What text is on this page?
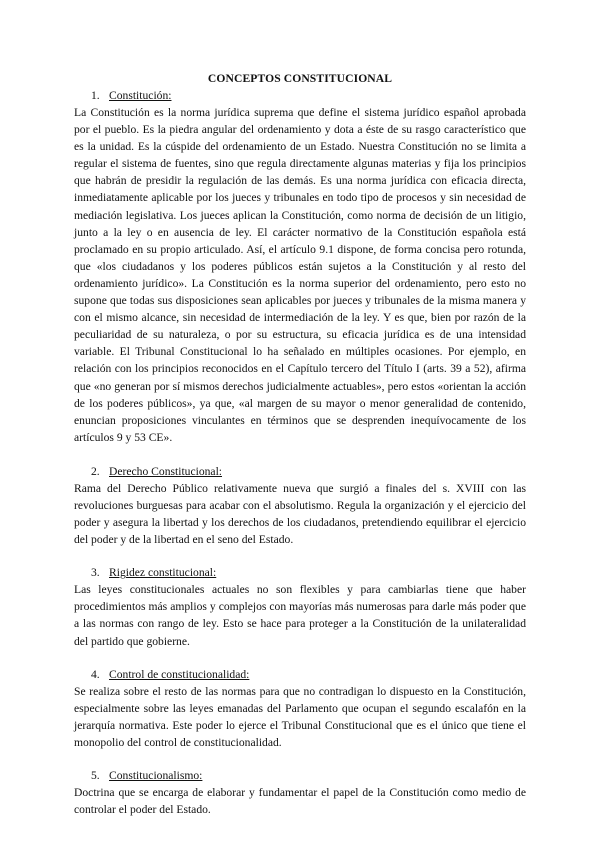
CONCEPTOS CONSTITUCIONAL
1. Constitución:

La Constitución es la norma jurídica suprema que define el sistema jurídico español aprobada por el pueblo. Es la piedra angular del ordenamiento y dota a éste de su rasgo característico que es la unidad. Es la cúspide del ordenamiento de un Estado. Nuestra Constitución no se limita a regular el sistema de fuentes, sino que regula directamente algunas materias y fija los principios que habrán de presidir la regulación de las demás. Es una norma jurídica con eficacia directa, inmediatamente aplicable por los jueces y tribunales en todo tipo de procesos y sin necesidad de mediación legislativa. Los jueces aplican la Constitución, como norma de decisión de un litigio, junto a la ley o en ausencia de ley. El carácter normativo de la Constitución española está proclamado en su propio articulado. Así, el artículo 9.1 dispone, de forma concisa pero rotunda, que «los ciudadanos y los poderes públicos están sujetos a la Constitución y al resto del ordenamiento jurídico». La Constitución es la norma superior del ordenamiento, pero esto no supone que todas sus disposiciones sean aplicables por jueces y tribunales de la misma manera y con el mismo alcance, sin necesidad de intermediación de la ley. Y es que, bien por razón de la peculiaridad de su naturaleza, o por su estructura, su eficacia jurídica es de una intensidad variable. El Tribunal Constitucional lo ha señalado en múltiples ocasiones. Por ejemplo, en relación con los principios reconocidos en el Capítulo tercero del Título I (arts. 39 a 52), afirma que «no generan por sí mismos derechos judicialmente actuables», pero estos «orientan la acción de los poderes públicos», ya que, «al margen de su mayor o menor generalidad de contenido, enuncian proposiciones vinculantes en términos que se desprenden inequívocamente de los artículos 9 y 53 CE».

2. Derecho Constitucional:

Rama del Derecho Público relativamente nueva que surgió a finales del s. XVIII con las revoluciones burguesas para acabar con el absolutismo. Regula la organización y el ejercicio del poder y asegura la libertad y los derechos de los ciudadanos, pretendiendo equilibrar el ejercicio del poder y de la libertad en el seno del Estado.

3. Rigidez constitucional:

Las leyes constitucionales actuales no son flexibles y para cambiarlas tiene que haber procedimientos más amplios y complejos con mayorías más numerosas para darle más poder que a las normas con rango de ley. Esto se hace para proteger a la Constitución de la unilateralidad del partido que gobierne.

4. Control de constitucionalidad:

Se realiza sobre el resto de las normas para que no contradigan lo dispuesto en la Constitución, especialmente sobre las leyes emanadas del Parlamento que ocupan el segundo escalafón en la jerarquía normativa. Este poder lo ejerce el Tribunal Constitucional que es el único que tiene el monopolio del control de constitucionalidad.

5. Constitucionalismo:

Doctrina que se encarga de elaborar y fundamentar el papel de la Constitución como medio de controlar el poder del Estado.
